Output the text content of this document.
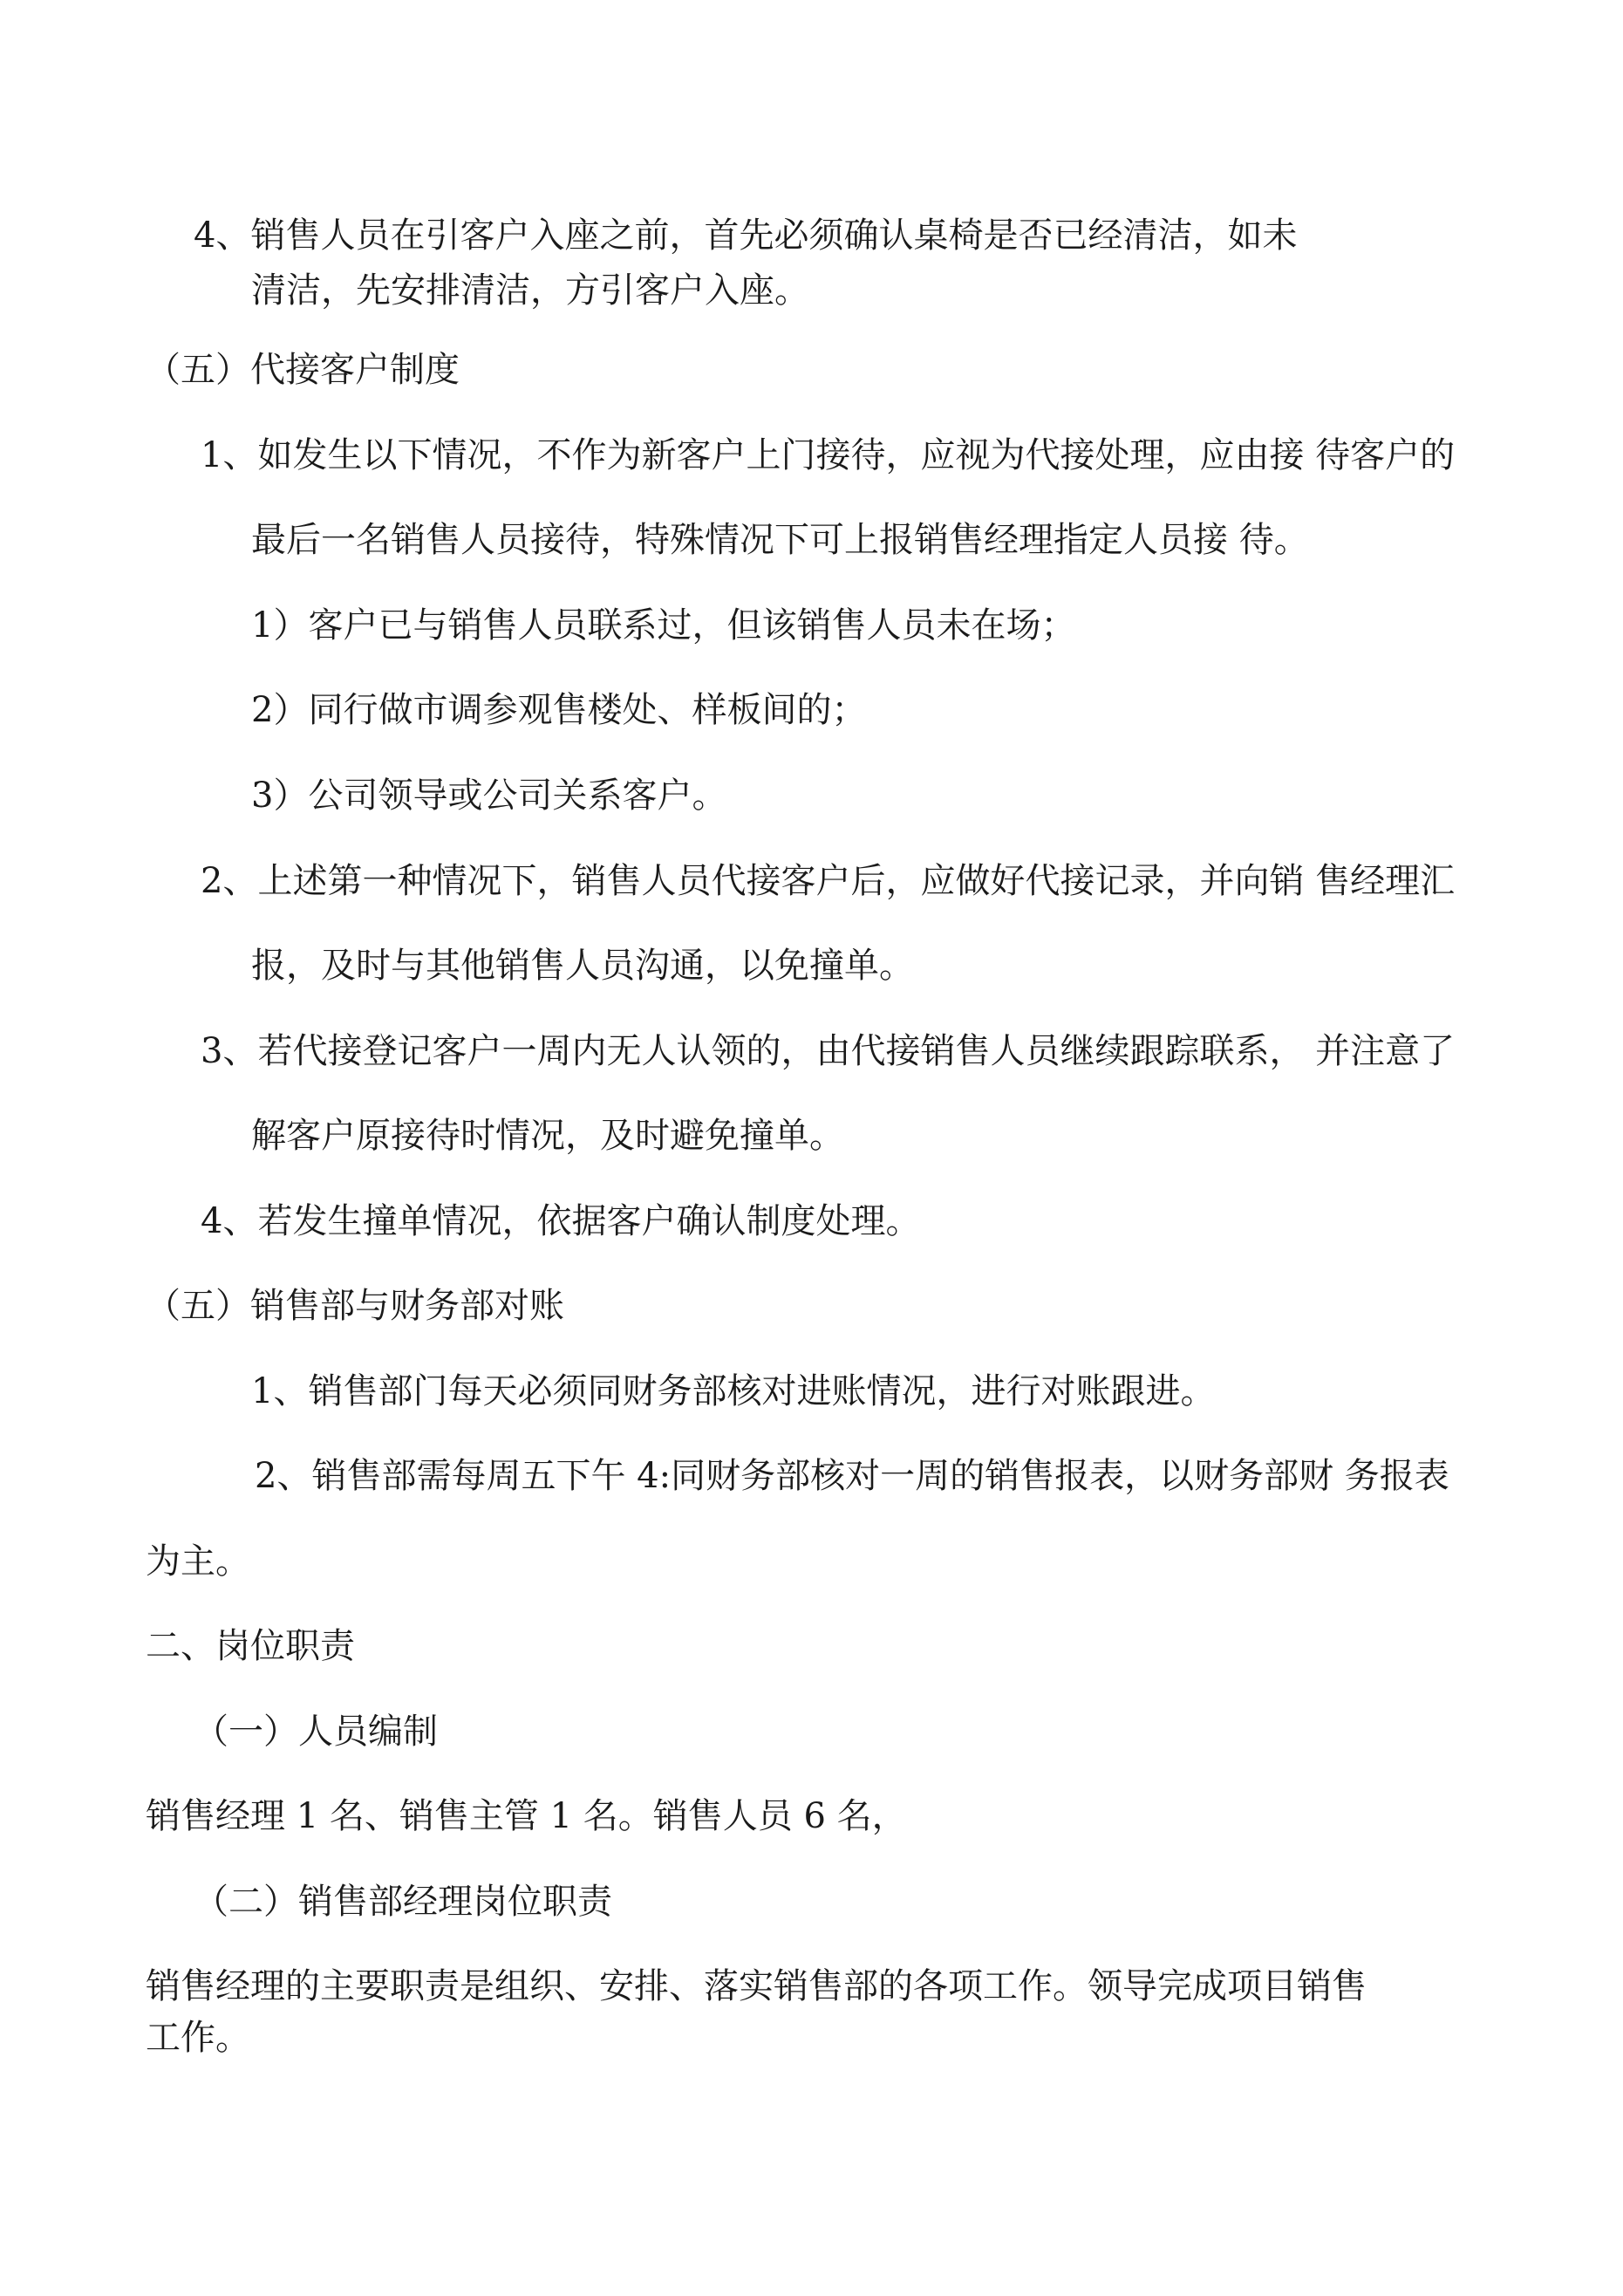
4、销售人员在引客户入座之前，首先必须确认桌椅是否已经清洁，如未

清洁，先安排清洁，方引客户入座。

（五）代接客户制度

1、如发生以下情况，不作为新客户上门接待，应视为代接处理，应由接 待客户的

最后一名销售人员接待，特殊情况下可上报销售经理指定人员接 待。

1）客户已与销售人员联系过，但该销售人员未在场；

2）同行做市调参观售楼处、样板间的；

3）公司领导或公司关系客户。

2、上述第一种情况下，销售人员代接客户后，应做好代接记录，并向销 售经理汇

报，及时与其他销售人员沟通，以免撞单。

3、若代接登记客户一周内无人认领的，由代接销售人员继续跟踪联系， 并注意了

解客户原接待时情况，及时避免撞单。

4、若发生撞单情况，依据客户确认制度处理。

（五）销售部与财务部对账

1、销售部门每天必须同财务部核对进账情况，进行对账跟进。

2、销售部需每周五下午 4:同财务部核对一周的销售报表，以财务部财 务报表

为主。

二、岗位职责

（一）人员编制

销售经理 1 名、销售主管 1 名。销售人员 6 名，

（二）销售部经理岗位职责

销售经理的主要职责是组织、安排、落实销售部的各项工作。领导完成项目销售

工作。
